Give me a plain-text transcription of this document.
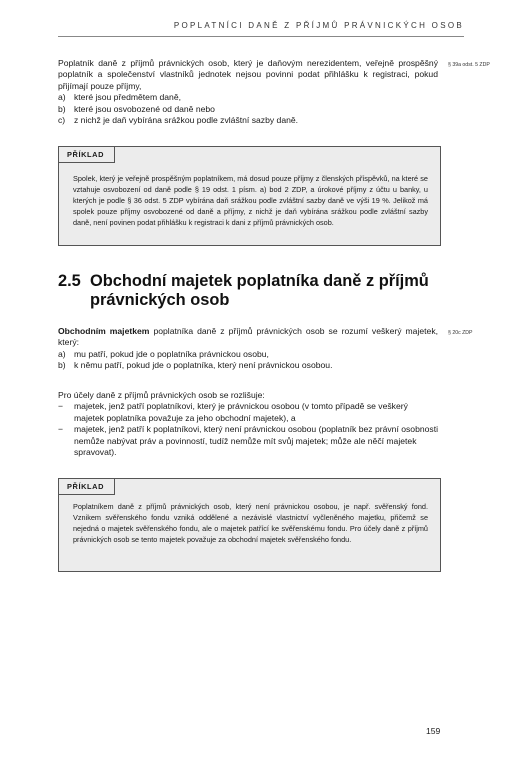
POPLATNÍCI DANĚ Z PŘÍJMŮ PRÁVNICKÝCH OSOB

Poplatník daně z příjmů právnických osob, který je daňovým nerezidentem, veřejně prospěšný poplatník a společenství vlastníků jednotek nejsou povinni podat přihlášku k registraci, pokud přijímají pouze příjmy,

a) které jsou předmětem daně,
b) které jsou osvobozené od daně nebo
c) z nichž je daň vybírána srážkou podle zvláštní sazby daně.
§ 39a odst. 5 ZDP
PŘÍKLAD
Spolek, který je veřejně prospěšným poplatníkem, má dosud pouze příjmy z členských příspěvků, na které se vztahuje osvobození od daně podle § 19 odst. 1 písm. a) bod 2 ZDP, a úrokové příjmy z účtu u banky, u kterých je podle § 36 odst. 5 ZDP vybírána daň srážkou podle zvláštní sazby daně ve výši 19 %. Jelikož má spolek pouze příjmy osvobozené od daně a příjmy, z nichž je daň vybírána srážkou podle zvláštní sazby daně, není povinen podat přihlášku k registraci k dani z příjmů právnických osob.
2.5 Obchodní majetek poplatníka daně z příjmů právnických osob

Obchodním majetkem poplatníka daně z příjmů právnických osob se rozumí veškerý majetek, který:

a) mu patří, pokud jde o poplatníka právnickou osobu,
b) k němu patří, pokud jde o poplatníka, který není právnickou osobou.
§ 20c ZDP

Pro účely daně z příjmů právnických osob se rozlišuje:

− majetek, jenž patří poplatníkovi, který je právnickou osobou (v tomto případě se veškerý majetek poplatníka považuje za jeho obchodní majetek), a
− majetek, jenž patří k poplatníkovi, který není právnickou osobou (poplatník bez právní osobnosti nemůže nabývat práv a povinností, tudíž nemůže mít svůj majetek; může ale něčí majetek spravovat).
PŘÍKLAD
Poplatníkem daně z příjmů právnických osob, který není právnickou osobou, je např. svěřenský fond. Vznikem svěřenského fondu vzniká oddělené a nezávislé vlastnictví vyčleněného majetku, přičemž se nejedná o majetek svěřenského fondu, ale o majetek patřící ke svěřenskému fondu. Pro účely daně z příjmů právnických osob se tento majetek považuje za obchodní majetek svěřenského fondu.
159
